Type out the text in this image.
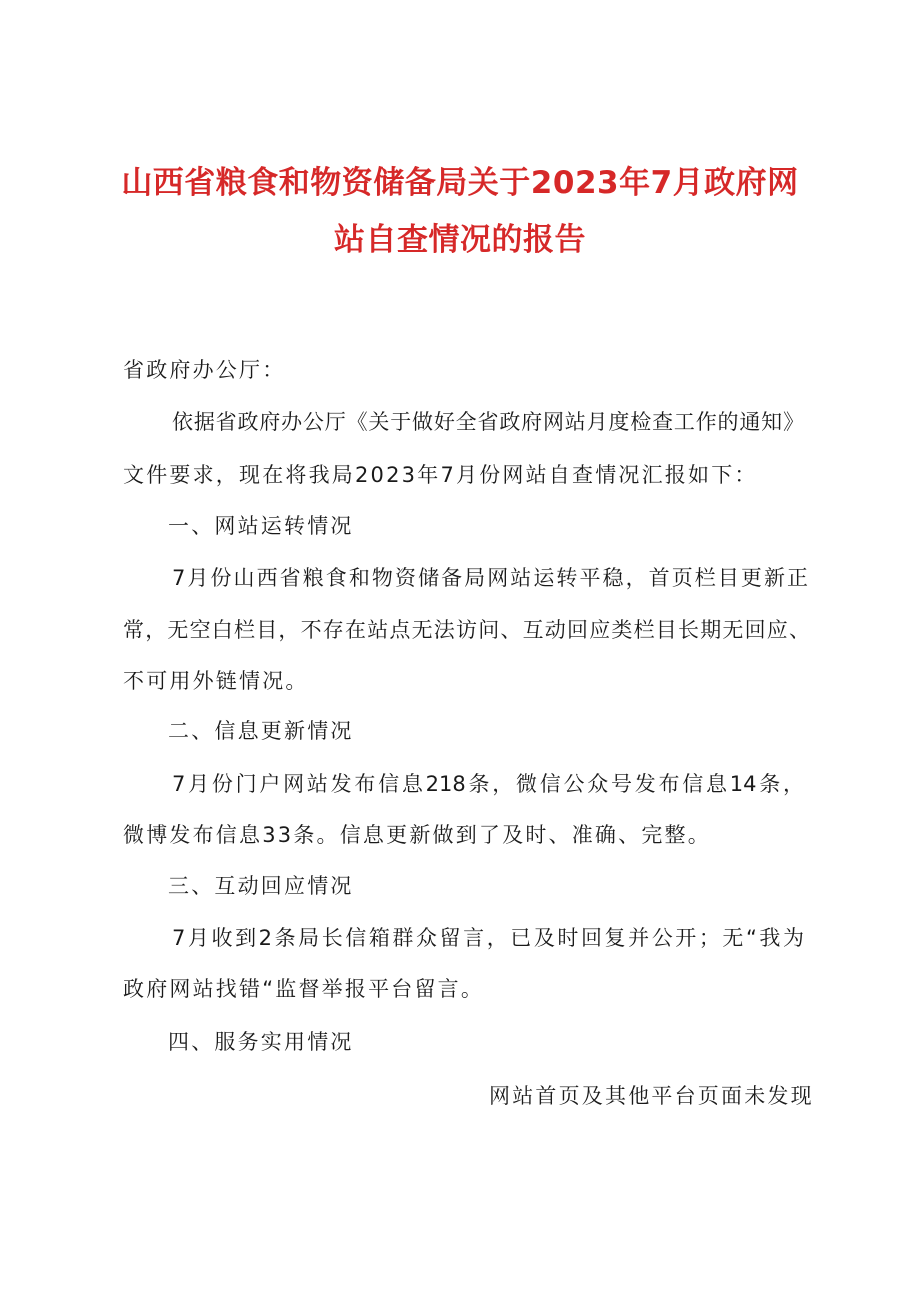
山西省粮食和物资储备局关于2023年7月政府网
站自查情况的报告
省政府办公厅：
依据省政府办公厅《关于做好全省政府网站月度检查工作的通知》
文件要求，现在将我局2023年7月份网站自查情况汇报如下：
一、网站运转情况
7月份山西省粮食和物资储备局网站运转平稳，首页栏目更新正
常，无空白栏目，不存在站点无法访问、互动回应类栏目长期无回应、
不可用外链情况。
二、信息更新情况
7月份门户网站发布信息218条，微信公众号发布信息14条，
微博发布信息33条。信息更新做到了及时、准确、完整。
三、互动回应情况
7月收到2条局长信箱群众留言，已及时回复并公开；无“我为
政府网站找错“监督举报平台留言。
四、服务实用情况
网站首页及其他平台页面未发现
